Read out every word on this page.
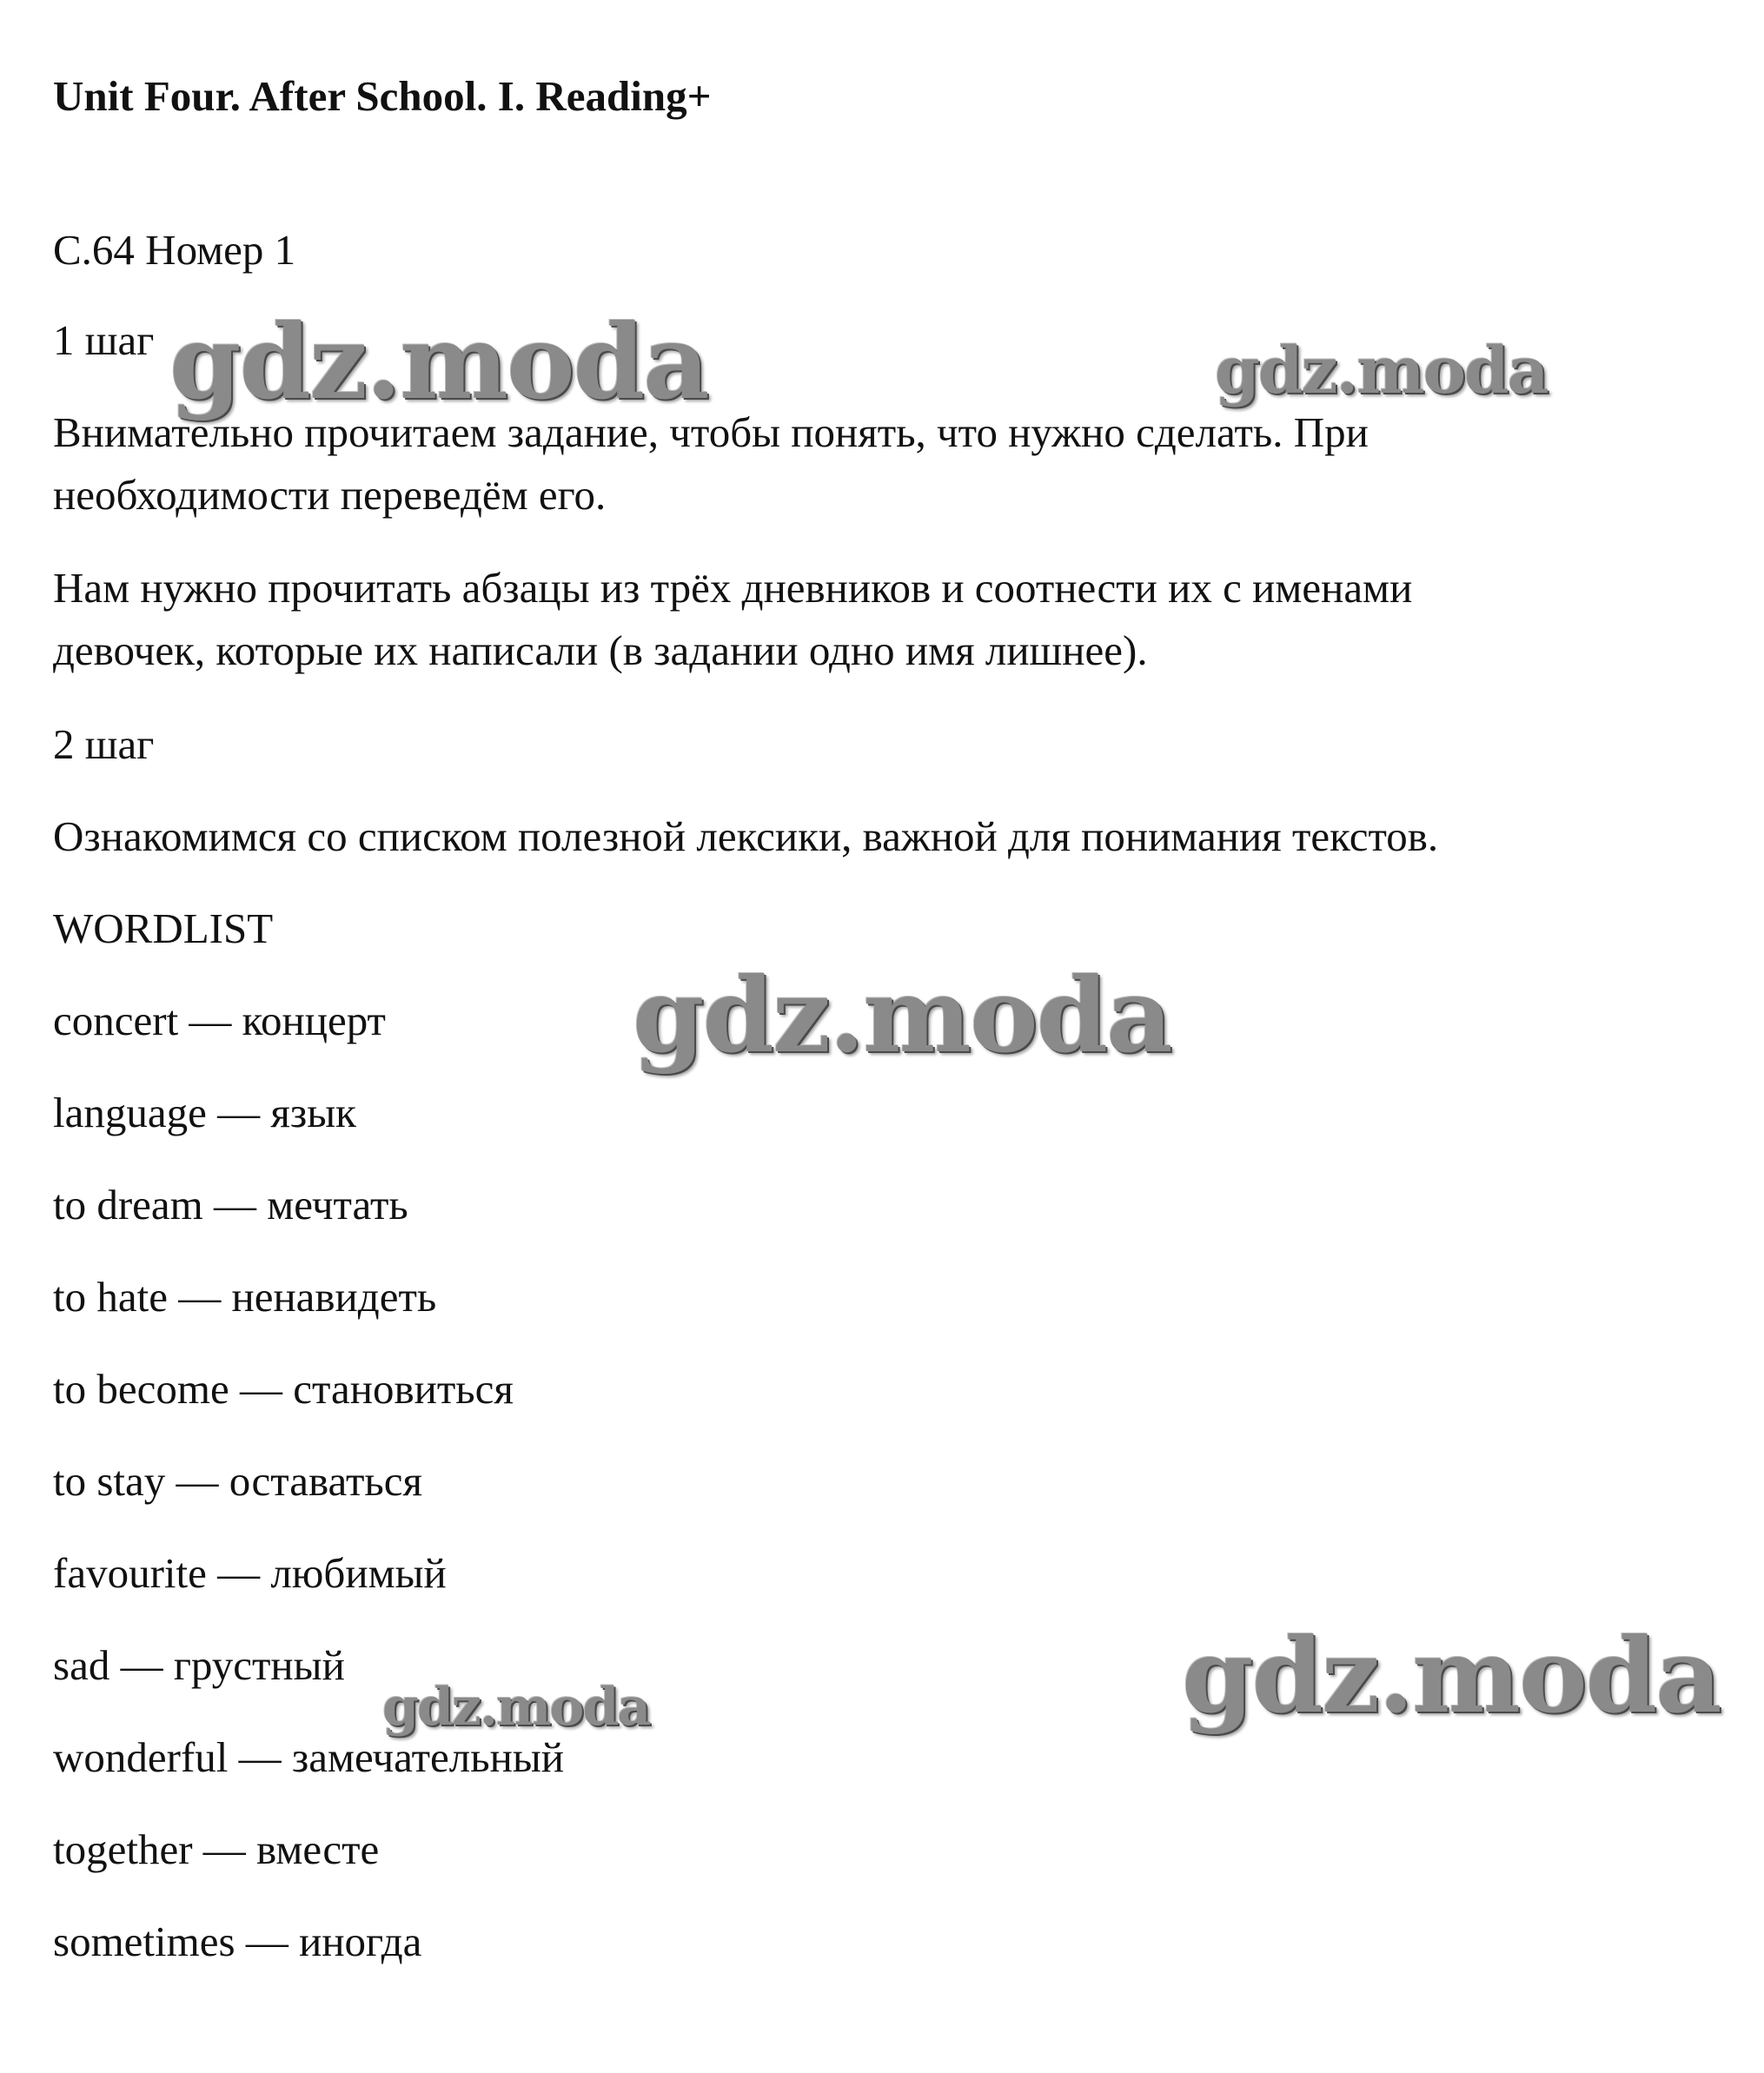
Unit Four. After School. I. Reading+
С.64 Номер 1
1 шаг
Внимательно прочитаем задание, чтобы понять, что нужно сделать. При
необходимости переведём его.
Нам нужно прочитать абзацы из трёх дневников и соотнести их с именами
девочек, которые их написали (в задании одно имя лишнее).
2 шаг
Ознакомимся со списком полезной лексики, важной для понимания текстов.
WORDLIST
concert — концерт
language — язык
to dream — мечтать
to hate — ненавидеть
to become — становиться
to stay — оставаться
favourite — любимый
sad — грустный
wonderful — замечательный
together — вместе
sometimes — иногда
gdz.moda	gdz.moda
gdz.moda
gdz.moda	gdz.moda
